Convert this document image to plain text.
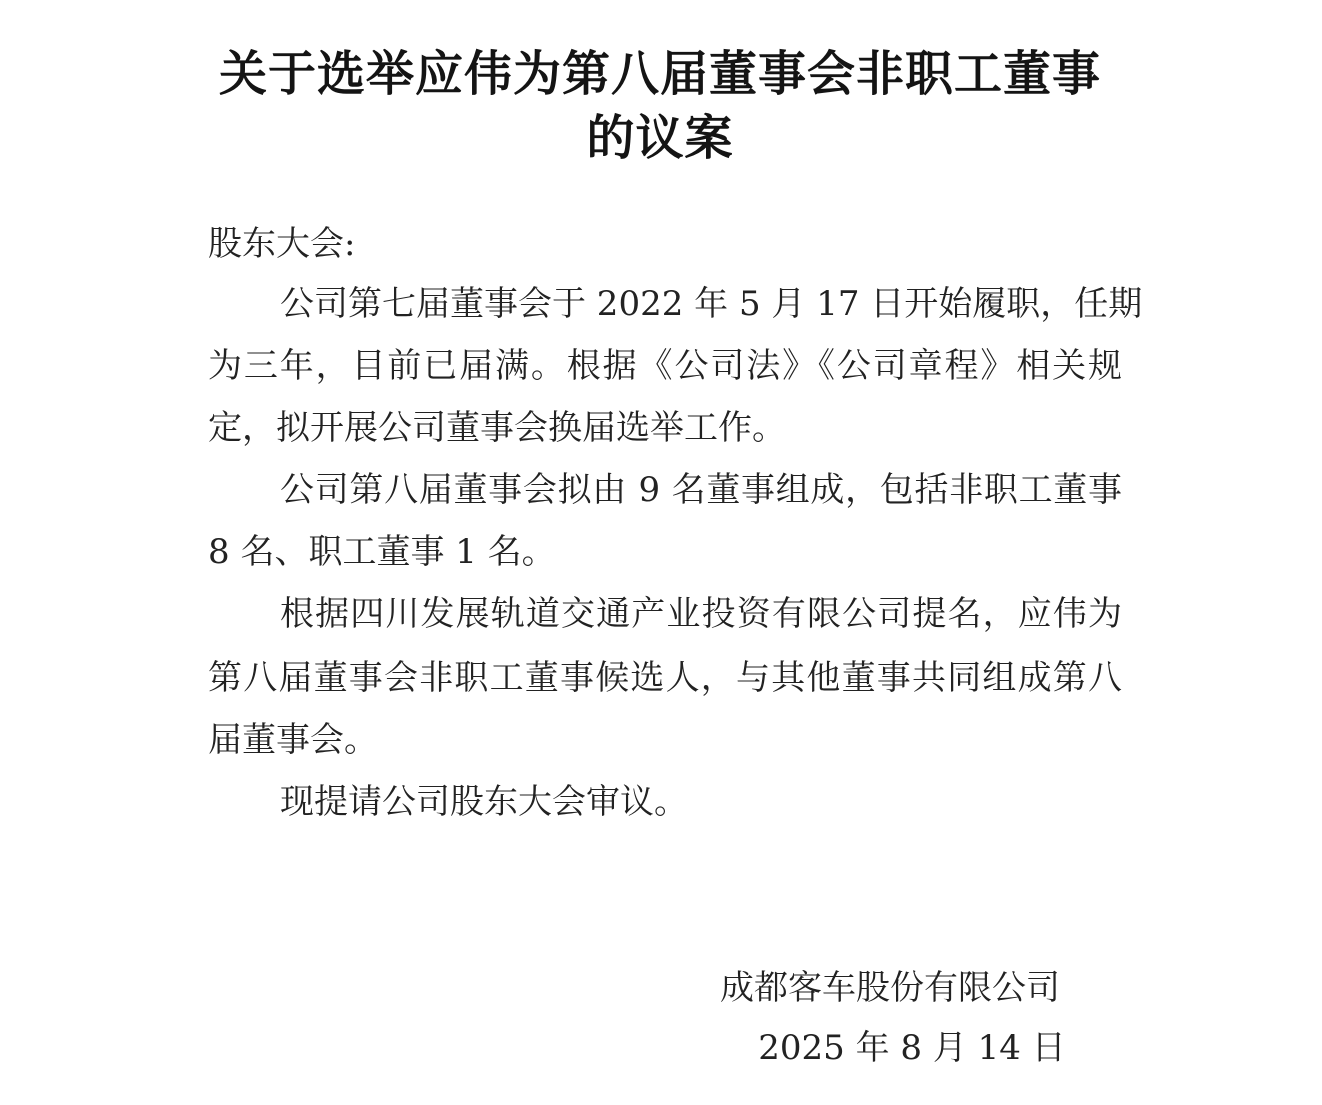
关于选举应伟为第八届董事会非职工董事
的议案
股东大会:
公司第七届董事会于 2022 年 5 月 17 日开始履职，任期
为三年，目前已届满。根据《公司法》《公司章程》相关规
定，拟开展公司董事会换届选举工作。
公司第八届董事会拟由 9 名董事组成，包括非职工董事
8 名、职工董事 1 名。
根据四川发展轨道交通产业投资有限公司提名，应伟为
第八届董事会非职工董事候选人，与其他董事共同组成第八
届董事会。
现提请公司股东大会审议。
成都客车股份有限公司
2025 年 8 月 14 日
